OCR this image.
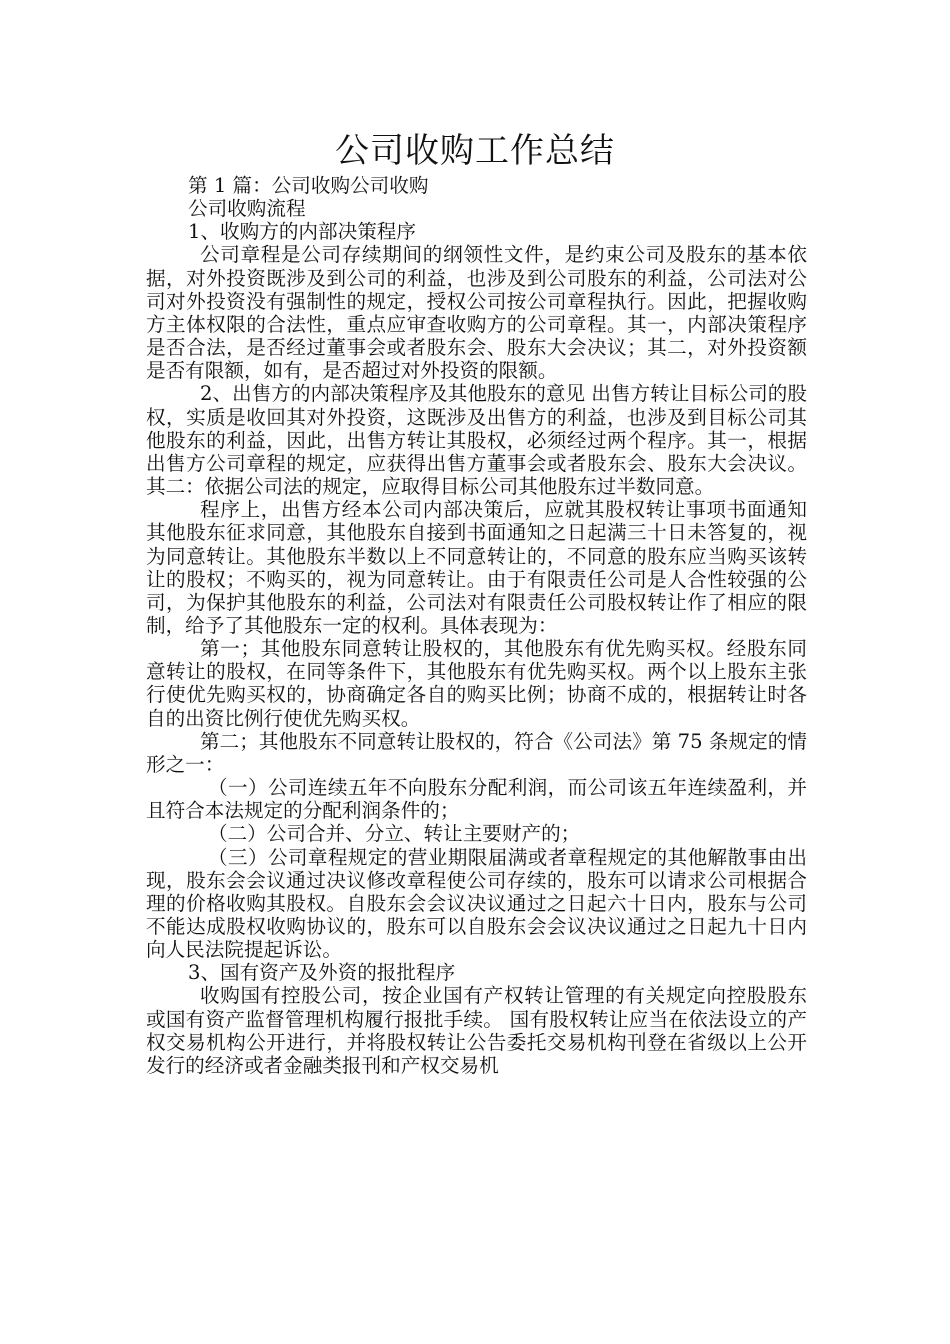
公司收购工作总结

第 1 篇：公司收购公司收购

公司收购流程

1、收购方的内部决策程序

公司章程是公司存续期间的纲领性文件，是约束公司及股东的基本依据，对外投资既涉及到公司的利益，也涉及到公司股东的利益，公司法对公司对外投资没有强制性的规定，授权公司按公司章程执行。因此，把握收购方主体权限的合法性，重点应审查收购方的公司章程。其一，内部决策程序是否合法，是否经过董事会或者股东会、股东大会决议；其二，对外投资额是否有限额，如有，是否超过对外投资的限额。

2、出售方的内部决策程序及其他股东的意见 出售方转让目标公司的股权，实质是收回其对外投资，这既涉及出售方的利益，也涉及到目标公司其他股东的利益，因此，出售方转让其股权，必须经过两个程序。其一，根据出售方公司章程的规定，应获得出售方董事会或者股东会、股东大会决议。其二：依据公司法的规定，应取得目标公司其他股东过半数同意。

程序上，出售方经本公司内部决策后，应就其股权转让事项书面通知其他股东征求同意，其他股东自接到书面通知之日起满三十日未答复的，视为同意转让。其他股东半数以上不同意转让的，不同意的股东应当购买该转让的股权；不购买的，视为同意转让。由于有限责任公司是人合性较强的公司，为保护其他股东的利益，公司法对有限责任公司股权转让作了相应的限制，给予了其他股东一定的权利。具体表现为：

第一；其他股东同意转让股权的，其他股东有优先购买权。经股东同意转让的股权，在同等条件下，其他股东有优先购买权。两个以上股东主张行使优先购买权的，协商确定各自的购买比例；协商不成的，根据转让时各自的出资比例行使优先购买权。

第二；其他股东不同意转让股权的，符合《公司法》第 75 条规定的情形之一：

（一）公司连续五年不向股东分配利润，而公司该五年连续盈利，并且符合本法规定的分配利润条件的；

（二）公司合并、分立、转让主要财产的；

（三）公司章程规定的营业期限届满或者章程规定的其他解散事由出现，股东会会议通过决议修改章程使公司存续的，股东可以请求公司根据合理的价格收购其股权。自股东会会议决议通过之日起六十日内，股东与公司不能达成股权收购协议的，股东可以自股东会会议决议通过之日起九十日内向人民法院提起诉讼。

3、国有资产及外资的报批程序

收购国有控股公司，按企业国有产权转让管理的有关规定向控股股东或国有资产监督管理机构履行报批手续。 国有股权转让应当在依法设立的产权交易机构公开进行，并将股权转让公告委托交易机构刊登在省级以上公开发行的经济或者金融类报刊和产权交易机
